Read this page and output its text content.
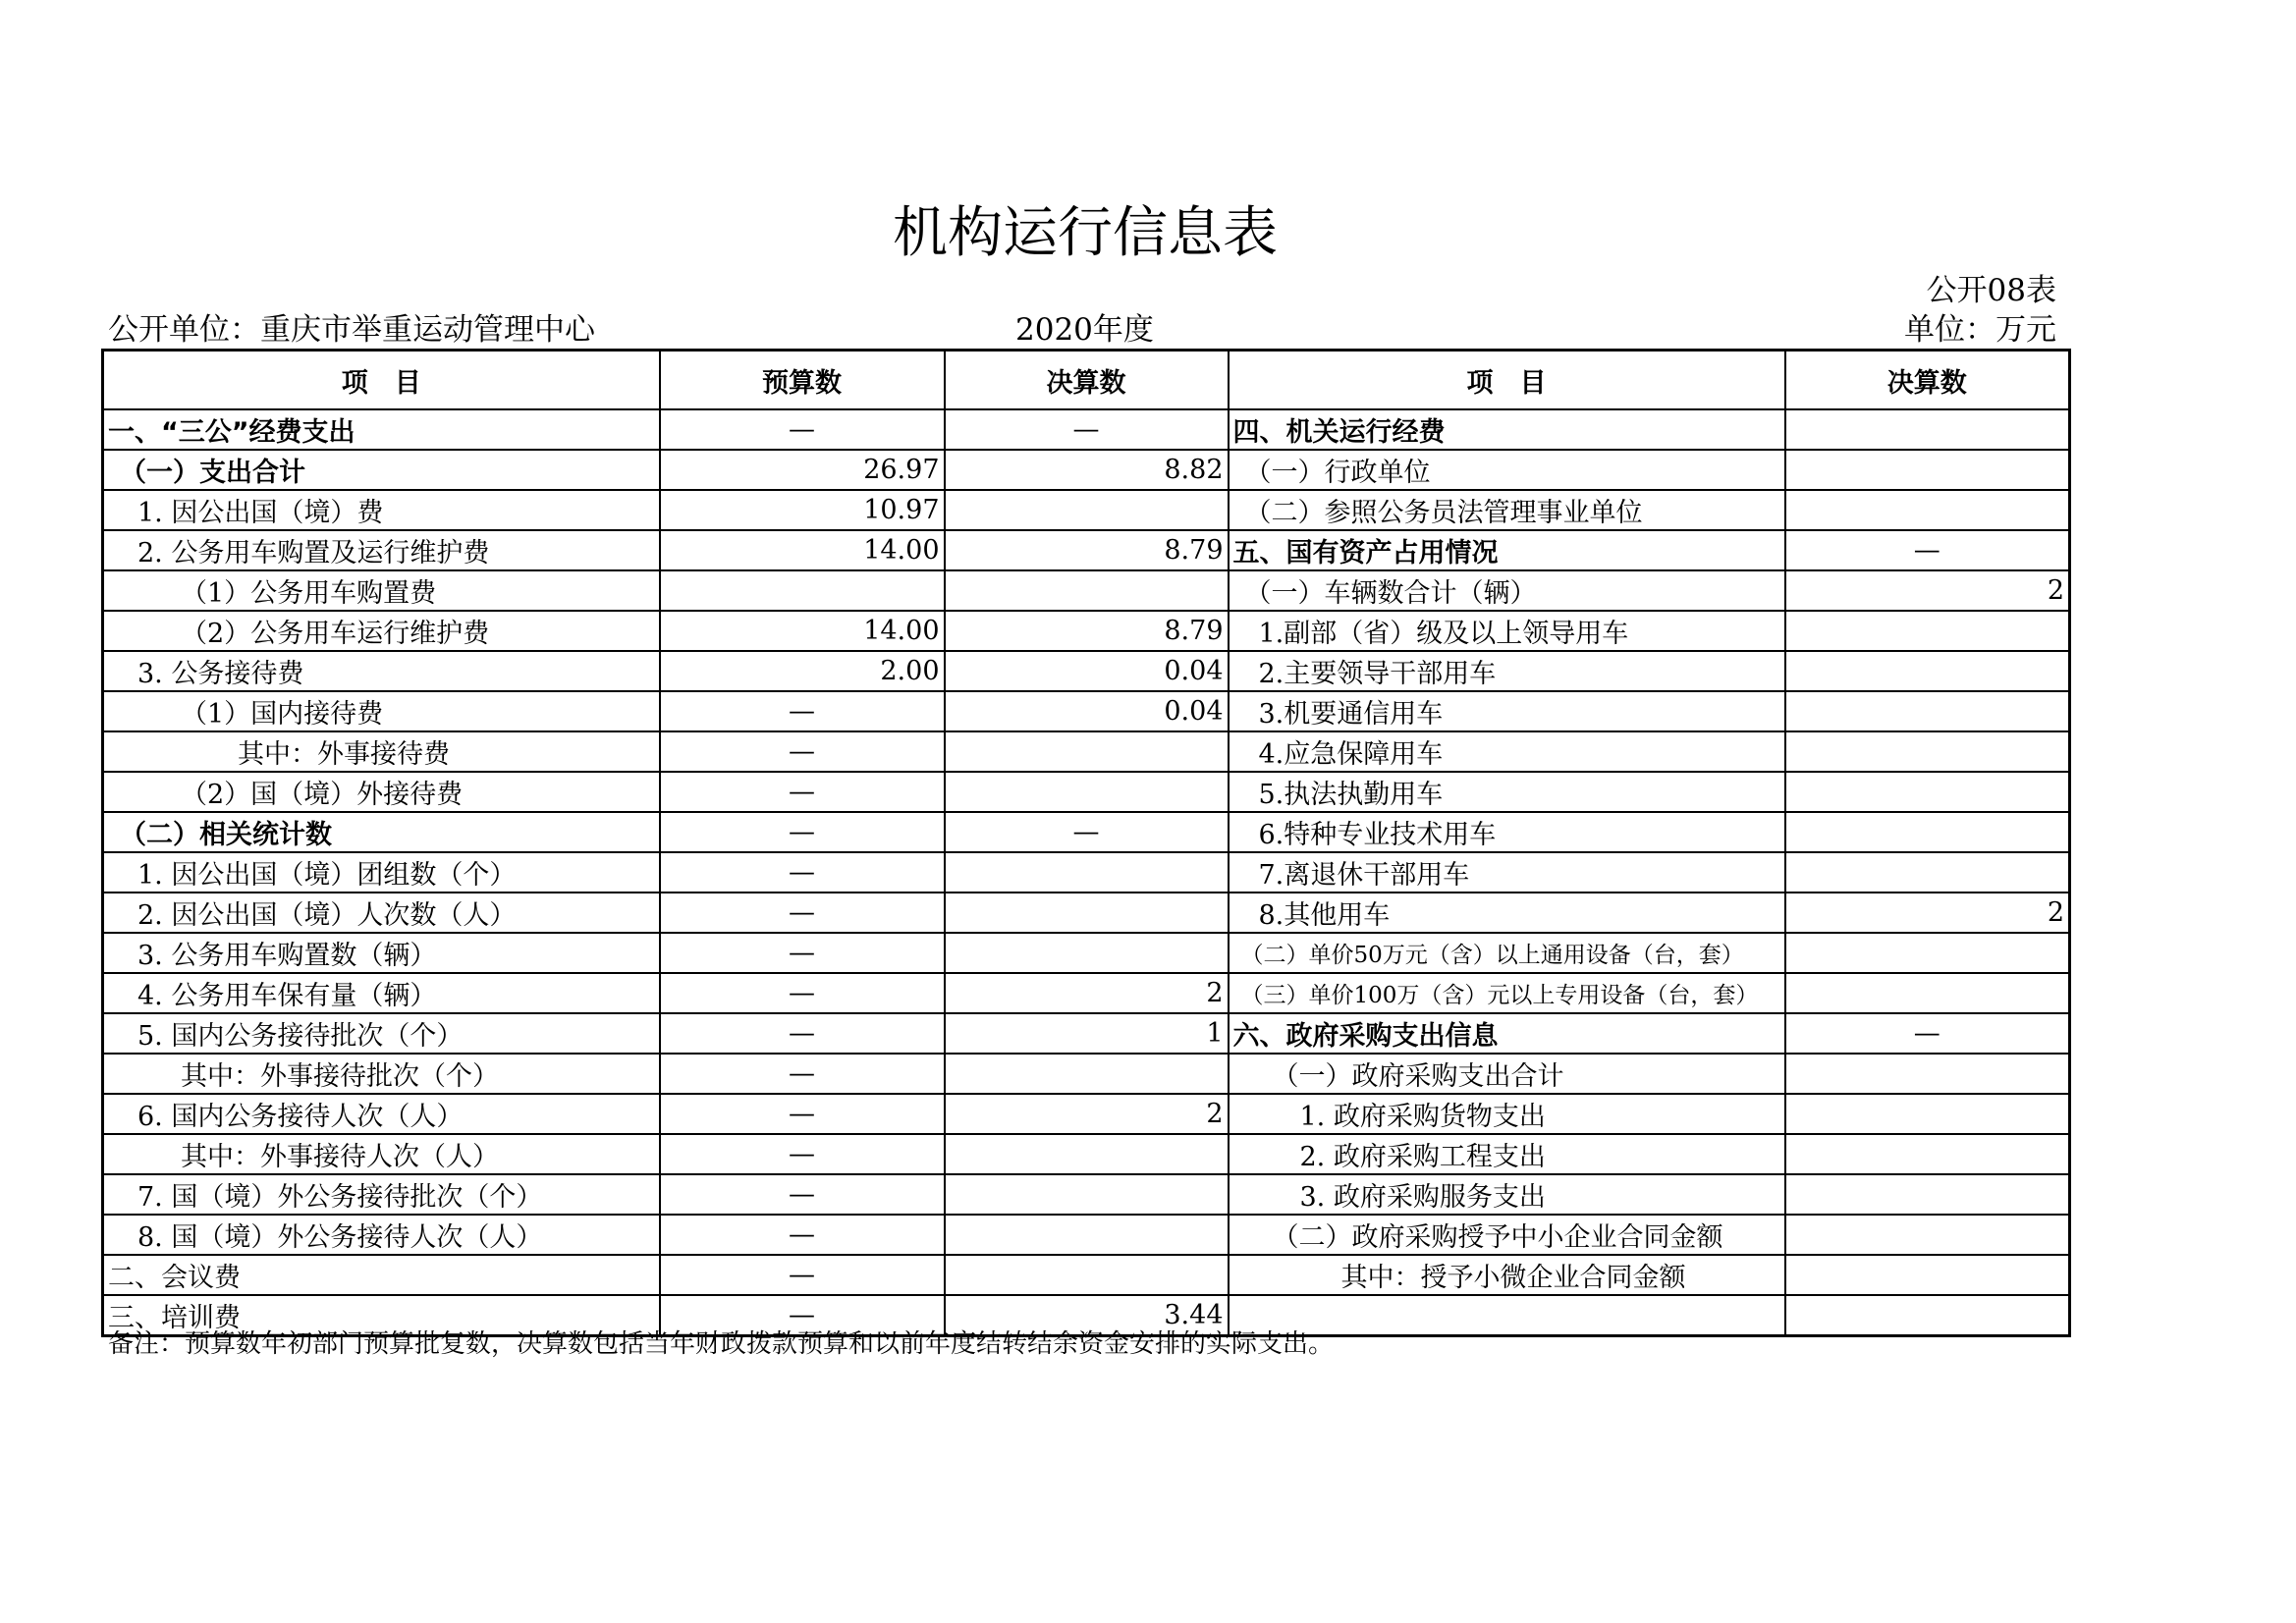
机构运行信息表
公开08表
公开单位：重庆市举重运动管理中心	2020年度	单位：万元
项　目	预算数	决算数	项　目	决算数
一、“三公”经费支出	—	—	四、机关运行经费	
（一）支出合计	26.97	8.82	（一）行政单位	
1. 因公出国（境）费	10.97		（二）参照公务员法管理事业单位	
2. 公务用车购置及运行维护费	14.00	8.79	五、国有资产占用情况	—
（1）公务用车购置费			（一）车辆数合计（辆）	2
（2）公务用车运行维护费	14.00	8.79	1.副部（省）级及以上领导用车	
3. 公务接待费	2.00	0.04	2.主要领导干部用车	
（1）国内接待费	—	0.04	3.机要通信用车	
其中：外事接待费	—		4.应急保障用车	
（2）国（境）外接待费	—		5.执法执勤用车	
（二）相关统计数	—	—	6.特种专业技术用车	
1. 因公出国（境）团组数（个）	—		7.离退休干部用车	
2. 因公出国（境）人次数（人）	—		8.其他用车	2
3. 公务用车购置数（辆）	—		（二）单价50万元（含）以上通用设备（台，套）	
4. 公务用车保有量（辆）	—	2	（三）单价100万（含）元以上专用设备（台，套）	
5. 国内公务接待批次（个）	—	1	六、政府采购支出信息	—
其中：外事接待批次（个）	—		（一）政府采购支出合计	
6. 国内公务接待人次（人）	—	2	1. 政府采购货物支出	
其中：外事接待人次（人）	—		2. 政府采购工程支出	
7. 国（境）外公务接待批次（个）	—		3. 政府采购服务支出	
8. 国（境）外公务接待人次（人）	—		（二）政府采购授予中小企业合同金额	
二、会议费	—		其中：授予小微企业合同金额	
三、培训费	—	3.44		
备注：预算数年初部门预算批复数，决算数包括当年财政拨款预算和以前年度结转结余资金安排的实际支出。
